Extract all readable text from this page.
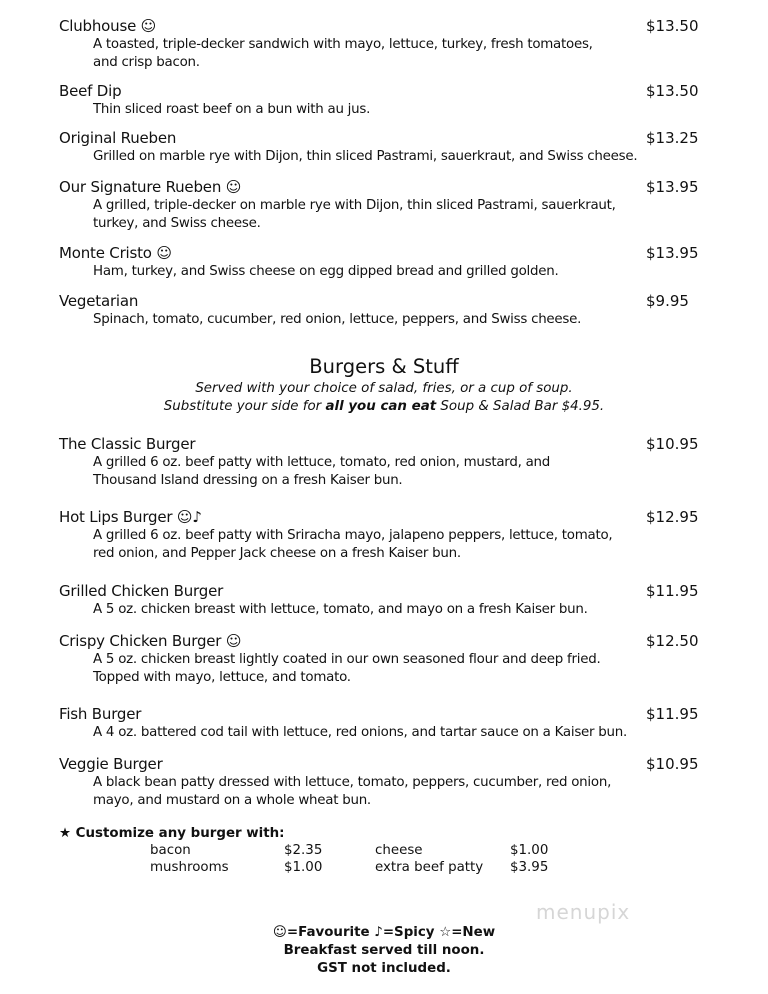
Clubhouse ☺
A toasted, triple-decker sandwich with mayo, lettuce, turkey, fresh tomatoes,
and crisp bacon.
$13.50
Beef Dip
Thin sliced roast beef on a bun with au jus.
$13.50
Original Rueben
Grilled on marble rye with Dijon, thin sliced Pastrami, sauerkraut, and Swiss cheese.
$13.25
Our Signature Rueben ☺
A grilled, triple-decker on marble rye with Dijon, thin sliced Pastrami, sauerkraut,
turkey, and Swiss cheese.
$13.95
Monte Cristo ☺
Ham, turkey, and Swiss cheese on egg dipped bread and grilled golden.
$13.95
Vegetarian
Spinach, tomato, cucumber, red onion, lettuce, peppers, and Swiss cheese.
$9.95
Burgers & Stuff
Served with your choice of salad, fries, or a cup of soup.
Substitute your side for all you can eat Soup & Salad Bar $4.95.
The Classic Burger
A grilled 6 oz. beef patty with lettuce, tomato, red onion, mustard, and
Thousand Island dressing on a fresh Kaiser bun.
$10.95
Hot Lips Burger ☺♪
A grilled 6 oz. beef patty with Sriracha mayo, jalapeno peppers, lettuce, tomato,
red onion, and Pepper Jack cheese on a fresh Kaiser bun.
$12.95
Grilled Chicken Burger
A 5 oz. chicken breast with lettuce, tomato, and mayo on a fresh Kaiser bun.
$11.95
Crispy Chicken Burger ☺
A 5 oz. chicken breast lightly coated in our own seasoned flour and deep fried.
Topped with mayo, lettuce, and tomato.
$12.50
Fish Burger
A 4 oz. battered cod tail with lettuce, red onions, and tartar sauce on a Kaiser bun.
$11.95
Veggie Burger
A black bean patty dressed with lettuce, tomato, peppers, cucumber, red onion,
mayo, and mustard on a whole wheat bun.
$10.95
★ Customize any burger with:
bacon	$2.35	cheese	$1.00
mushrooms	$1.00	extra beef patty $3.95
menupix
☺=Favourite ♪=Spicy ☆=New
Breakfast served till noon.
GST not included.
